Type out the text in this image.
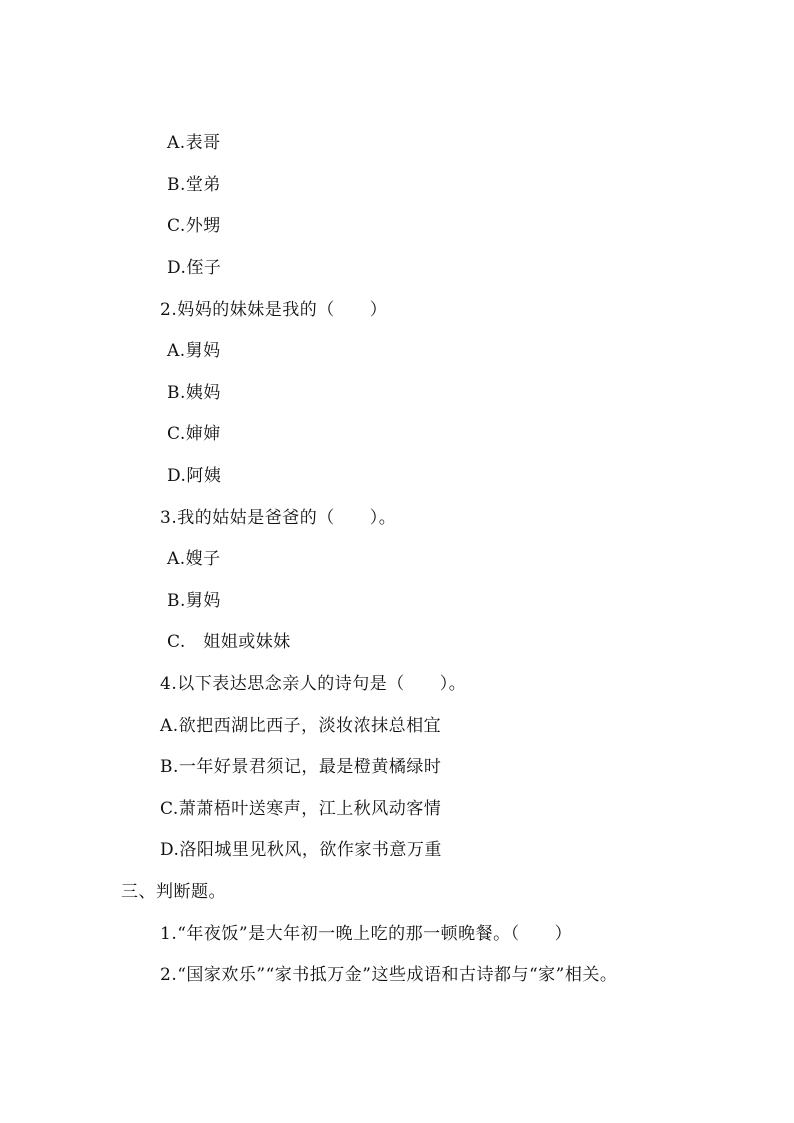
A.表哥
B.堂弟
C.外甥
D.侄子
2.妈妈的妹妹是我的（　　）
A.舅妈
B.姨妈
C.婶婶
D.阿姨
3.我的姑姑是爸爸的（　　）。
A.嫂子
B.舅妈
C.　姐姐或妹妹
4.以下表达思念亲人的诗句是（　　）。
A.欲把西湖比西子，淡妆浓抹总相宜
B.一年好景君须记，最是橙黄橘绿时
C.萧萧梧叶送寒声，江上秋风动客情
D.洛阳城里见秋风，欲作家书意万重
三、判断题。
1.“年夜饭”是大年初一晚上吃的那一顿晚餐。（　　）
2.“国家欢乐”“家书抵万金”这些成语和古诗都与“家”相关。
